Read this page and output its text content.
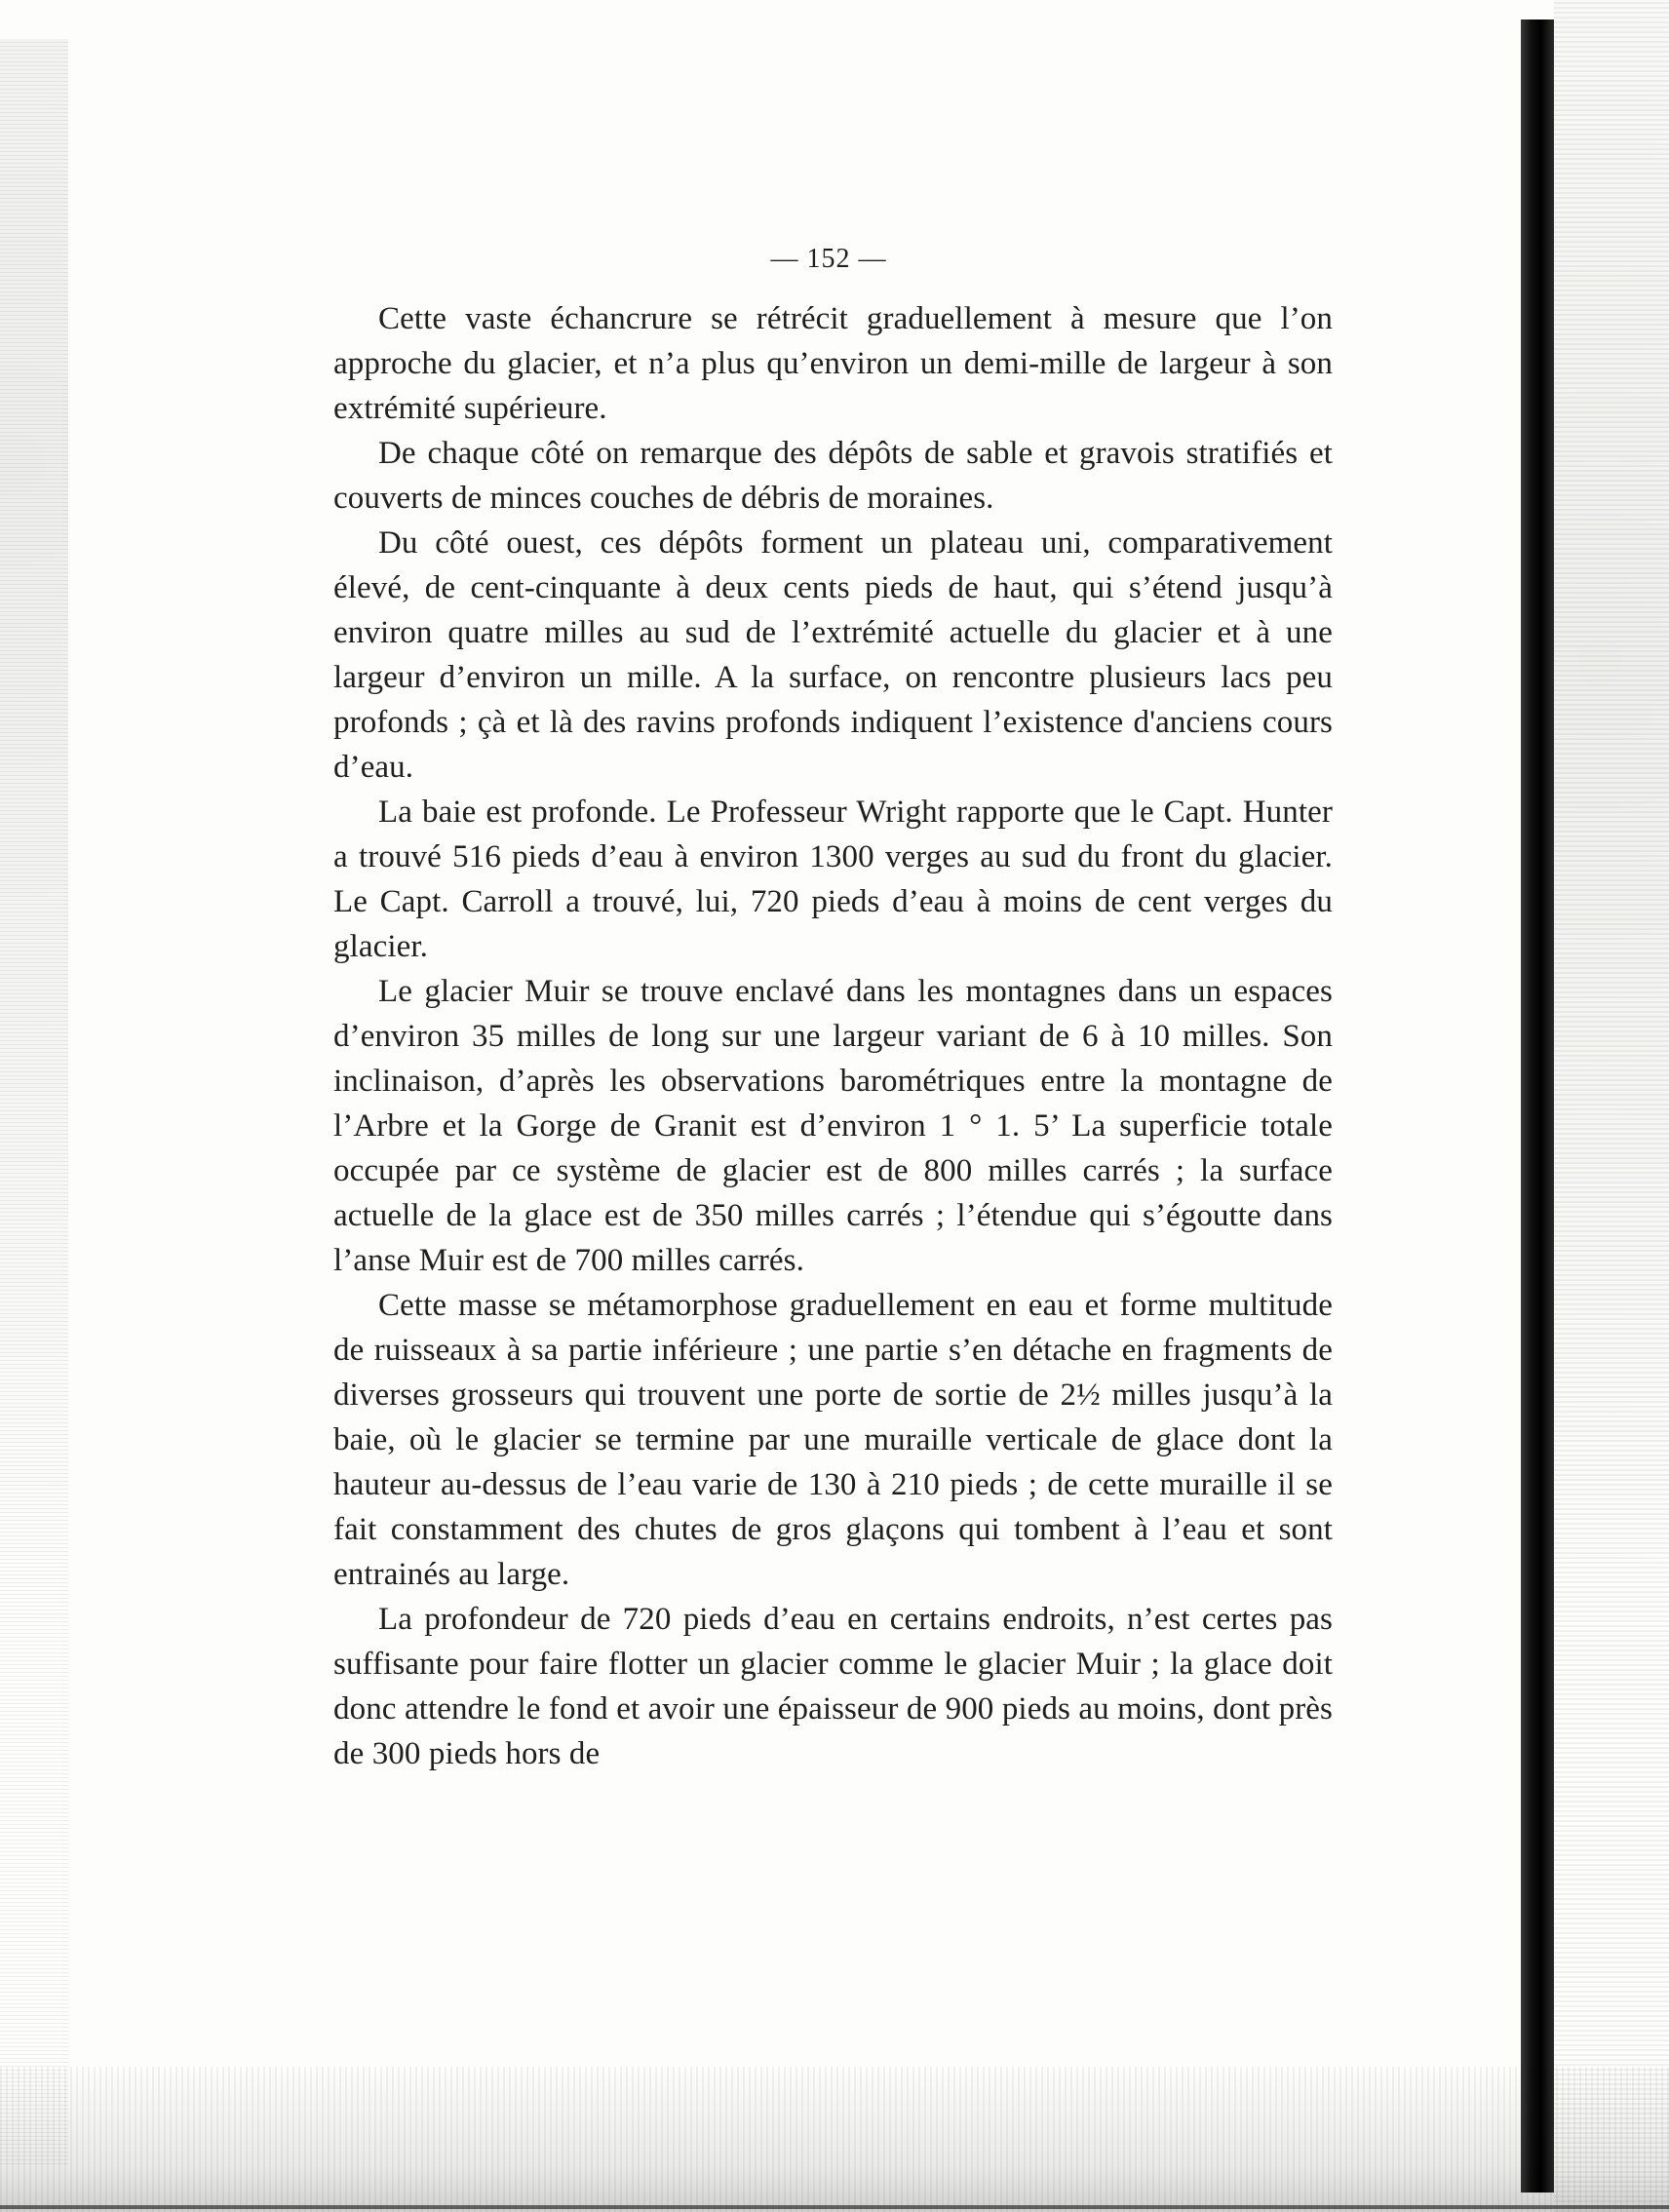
— 152 —

Cette vaste échancrure se rétrécit graduellement à mesure que l’on approche du glacier, et n’a plus qu’environ un demi-mille de largeur à son extrémité supérieure.

De chaque côté on remarque des dépôts de sable et gravois stratifiés et couverts de minces couches de débris de moraines.

Du côté ouest, ces dépôts forment un plateau uni, comparativement élevé, de cent-cinquante à deux cents pieds de haut, qui s’étend jusqu’à environ quatre milles au sud de l’extrémité actuelle du glacier et à une largeur d’environ un mille. A la surface, on rencontre plusieurs lacs peu profonds ; çà et là des ravins profonds indiquent l’existence d'anciens cours d’eau.

La baie est profonde. Le Professeur Wright rapporte que le Capt. Hunter a trouvé 516 pieds d’eau à environ 1300 verges au sud du front du glacier. Le Capt. Carroll a trouvé, lui, 720 pieds d’eau à moins de cent verges du glacier.

Le glacier Muir se trouve enclavé dans les montagnes dans un espaces d’environ 35 milles de long sur une largeur variant de 6 à 10 milles. Son inclinaison, d’après les observations barométriques entre la montagne de l’Arbre et la Gorge de Granit est d’environ 1 ° 1. 5’ La superficie totale occupée par ce système de glacier est de 800 milles carrés ; la surface actuelle de la glace est de 350 milles carrés ; l’étendue qui s’égoutte dans l’anse Muir est de 700 milles carrés.

Cette masse se métamorphose graduellement en eau et forme multitude de ruisseaux à sa partie inférieure ; une partie s’en détache en fragments de diverses grosseurs qui trouvent une porte de sortie de 2½ milles jusqu’à la baie, où le glacier se termine par une muraille verticale de glace dont la hauteur au-dessus de l’eau varie de 130 à 210 pieds ; de cette muraille il se fait constamment des chutes de gros glaçons qui tombent à l’eau et sont entrainés au large.

La profondeur de 720 pieds d’eau en certains endroits, n’est certes pas suffisante pour faire flotter un glacier comme le glacier Muir ; la glace doit donc attendre le fond et avoir une épaisseur de 900 pieds au moins, dont près de 300 pieds hors de
